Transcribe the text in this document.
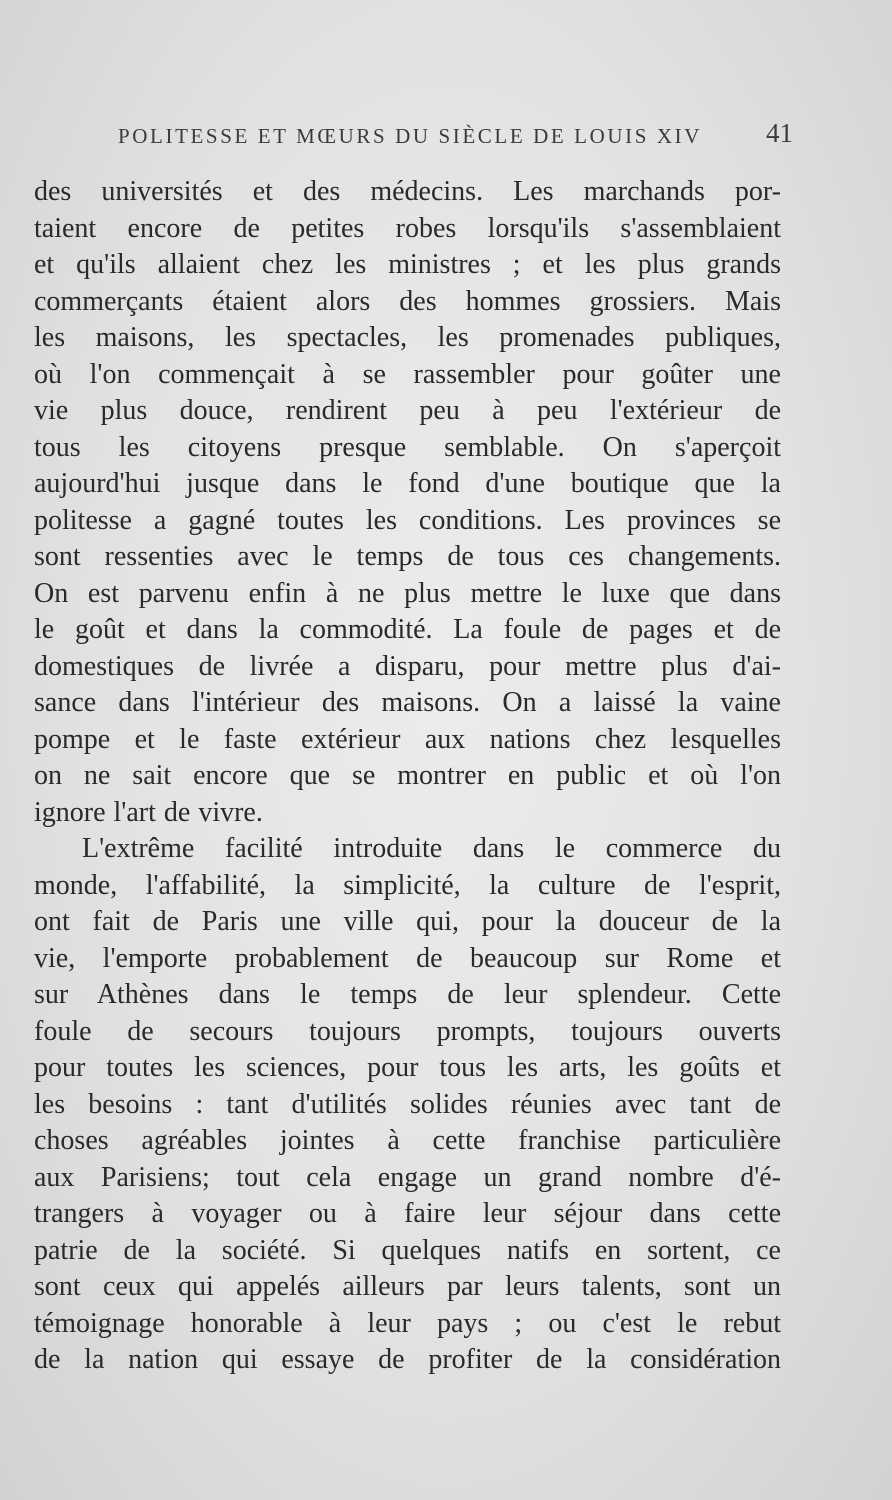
POLITESSE ET MŒURS DU SIÈCLE DE LOUIS XIV 41
des universités et des médecins. Les marchands por-
taient encore de petites robes lorsqu'ils s'assemblaient
et qu'ils allaient chez les ministres ; et les plus grands
commerçants étaient alors des hommes grossiers. Mais
les maisons, les spectacles, les promenades publiques,
où l'on commençait à se rassembler pour goûter une
vie plus douce, rendirent peu à peu l'extérieur de
tous les citoyens presque semblable. On s'aperçoit
aujourd'hui jusque dans le fond d'une boutique que la
politesse a gagné toutes les conditions. Les provinces se
sont ressenties avec le temps de tous ces changements.
On est parvenu enfin à ne plus mettre le luxe que dans
le goût et dans la commodité. La foule de pages et de
domestiques de livrée a disparu, pour mettre plus d'ai-
sance dans l'intérieur des maisons. On a laissé la vaine
pompe et le faste extérieur aux nations chez lesquelles
on ne sait encore que se montrer en public et où l'on
ignore l'art de vivre.
L'extrême facilité introduite dans le commerce du
monde, l'affabilité, la simplicité, la culture de l'esprit,
ont fait de Paris une ville qui, pour la douceur de la
vie, l'emporte probablement de beaucoup sur Rome et
sur Athènes dans le temps de leur splendeur. Cette
foule de secours toujours prompts, toujours ouverts
pour toutes les sciences, pour tous les arts, les goûts et
les besoins : tant d'utilités solides réunies avec tant de
choses agréables jointes à cette franchise particulière
aux Parisiens; tout cela engage un grand nombre d'é-
trangers à voyager ou à faire leur séjour dans cette
patrie de la société. Si quelques natifs en sortent, ce
sont ceux qui appelés ailleurs par leurs talents, sont un
témoignage honorable à leur pays ; ou c'est le rebut
de la nation qui essaye de profiter de la considération
